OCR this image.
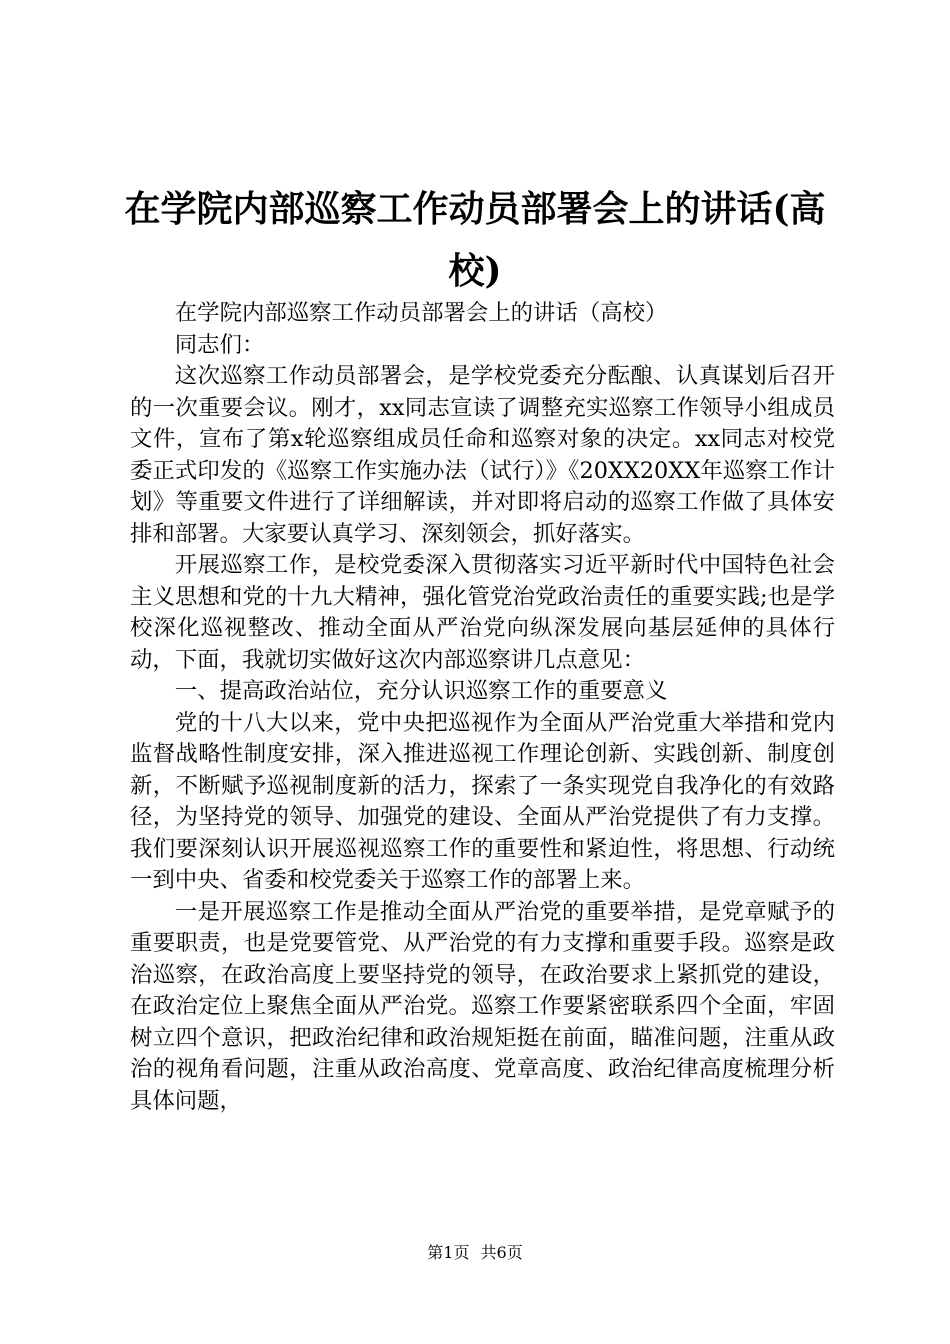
在学院内部巡察工作动员部署会上的讲话(高校)

在学院内部巡察工作动员部署会上的讲话（高校）

同志们：

这次巡察工作动员部署会，是学校党委充分酝酿、认真谋划后召开的一次重要会议。刚才，xx同志宣读了调整充实巡察工作领导小组成员文件，宣布了第x轮巡察组成员任命和巡察对象的决定。xx同志对校党委正式印发的《巡察工作实施办法（试行）》《20XX20XX年巡察工作计划》等重要文件进行了详细解读，并对即将启动的巡察工作做了具体安排和部署。大家要认真学习、深刻领会，抓好落实。

开展巡察工作，是校党委深入贯彻落实习近平新时代中国特色社会主义思想和党的十九大精神，强化管党治党政治责任的重要实践;也是学校深化巡视整改、推动全面从严治党向纵深发展向基层延伸的具体行动，下面，我就切实做好这次内部巡察讲几点意见：

一、提高政治站位，充分认识巡察工作的重要意义

党的十八大以来，党中央把巡视作为全面从严治党重大举措和党内监督战略性制度安排，深入推进巡视工作理论创新、实践创新、制度创新，不断赋予巡视制度新的活力，探索了一条实现党自我净化的有效路径，为坚持党的领导、加强党的建设、全面从严治党提供了有力支撑。我们要深刻认识开展巡视巡察工作的重要性和紧迫性，将思想、行动统一到中央、省委和校党委关于巡察工作的部署上来。

一是开展巡察工作是推动全面从严治党的重要举措，是党章赋予的重要职责，也是党要管党、从严治党的有力支撑和重要手段。巡察是政治巡察，在政治高度上要坚持党的领导，在政治要求上紧抓党的建设，在政治定位上聚焦全面从严治党。巡察工作要紧密联系四个全面，牢固树立四个意识，把政治纪律和政治规矩挺在前面，瞄准问题，注重从政治的视角看问题，注重从政治高度、党章高度、政治纪律高度梳理分析具体问题，

第1页 共6页
